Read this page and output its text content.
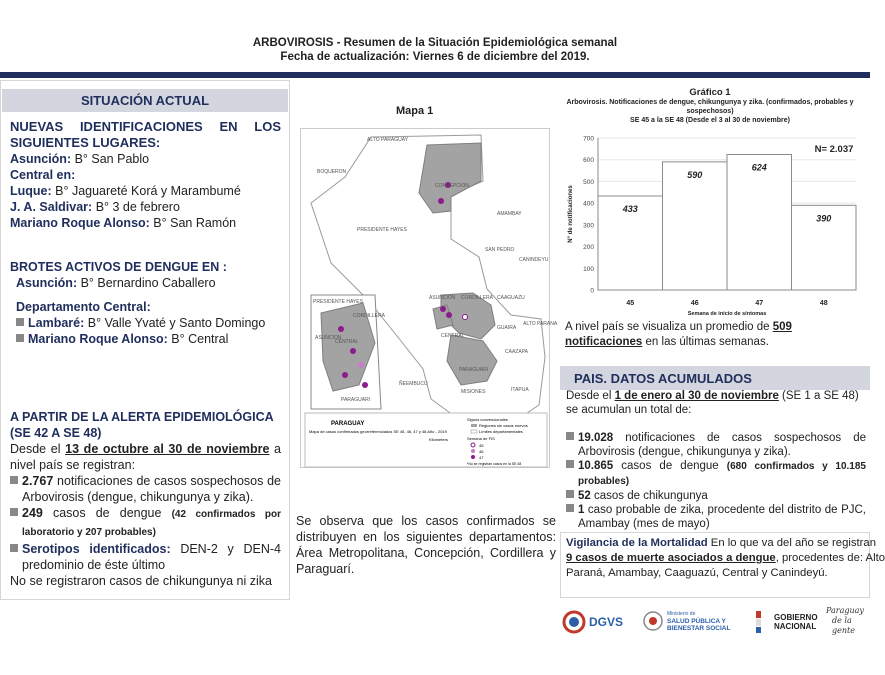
ARBOVIROSIS - Resumen de la Situación Epidemiológica semanal
Fecha de actualización: Viernes 6 de diciembre del 2019.
SITUACIÓN ACTUAL
NUEVAS IDENTIFICACIONES EN LOS
SIGUIENTES LUGARES:
Asunción: B° San Pablo
Central en:
Luque: B° Jaguareté Korá y Marambumé
J. A. Saldivar: B° 3 de febrero
Mariano Roque Alonso: B° San Ramón
BROTES ACTIVOS DE DENGUE EN :
Asunción: B° Bernardino Caballero
Departamento Central:
Lambaré: B° Valle Yvaté y Santo Domingo
Mariano Roque Alonso: B° Central
A PARTIR DE LA ALERTA EPIDEMIOLÓGICA (SE 42 A SE 48)
Desde el 13 de octubre al 30 de noviembre a nivel país se registran:
2.767 notificaciones de casos sospechosos de Arbovirosis (dengue, chikungunya y zika).
249 casos de dengue (42 confirmados por laboratorio y 207 probables)
Serotipos identificados: DEN-2 y DEN-4 predominio de éste último
No se registraron casos de chikungunya ni zika
Mapa 1
ALTO PARAGUAY
BOQUERON
CONCEPCION
PRESIDENTE HAYES
SAN PEDRO
AMAMBAY
CANINDEYU
CORDILLERA CAAGUAZU
ALTO PARANA
GUAIRA
CAAZAPA
PARAGUARI
MISIONES
ÑEEMBUCU
ITAPUA
CENTRAL
ASUNCION
PRESIDENTE HAYES
CORDILLERA
ASUNCION
CENTRAL
PARAGUARI
PARAGUAY
Mapa de casos confirmados georreferenciados SE 45, 46, 47 y 48 Año - 2019
Signos convencionales
Regiones sin casos nuevos
Límites departamentales
Semana de FIS
45
46
47
*No se registran casos en la SE 48
Kilometers
Se observa que los casos confirmados se distribuyen en los siguientes departamentos: Área Metropolitana, Concepción, Cordillera y Paraguarí.
Gráfico 1
Arbovirosis. Notificaciones de dengue, chikungunya y zika. (confirmados, probables y sospechosos)
SE 45 a la SE 48 (Desde el 3 al 30 de noviembre)
0
100
200
300
400
500
600
700
433
45
590
46
624
47
390
48
N= 2.037
Semana de inicio de síntomas
N° de notificaciones
A nivel país se visualiza un promedio de 509 notificaciones en las últimas semanas.
PAIS. DATOS ACUMULADOS
Desde el 1 de enero al 30 de noviembre (SE 1 a SE 48) se acumulan un total de:
19.028 notificaciones de casos sospechosos de Arbovirosis (dengue, chikungunya y zika).
10.865 casos de dengue (680 confirmados y 10.185 probables)
52 casos de chikungunya
1 caso probable de zika, procedente del distrito de PJC, Amambay (mes de mayo)
Vigilancia de la Mortalidad En lo que va del año se registran
9 casos de muerte asociados a dengue, procedentes de: Alto
Paraná, Amambay, Caaguazú, Central y Canindeyú.
DGVS
Ministerio de
SALUD PÚBLICA Y BIENESTAR SOCIAL
GOBIERNO NACIONAL
Paraguay
de la gente
